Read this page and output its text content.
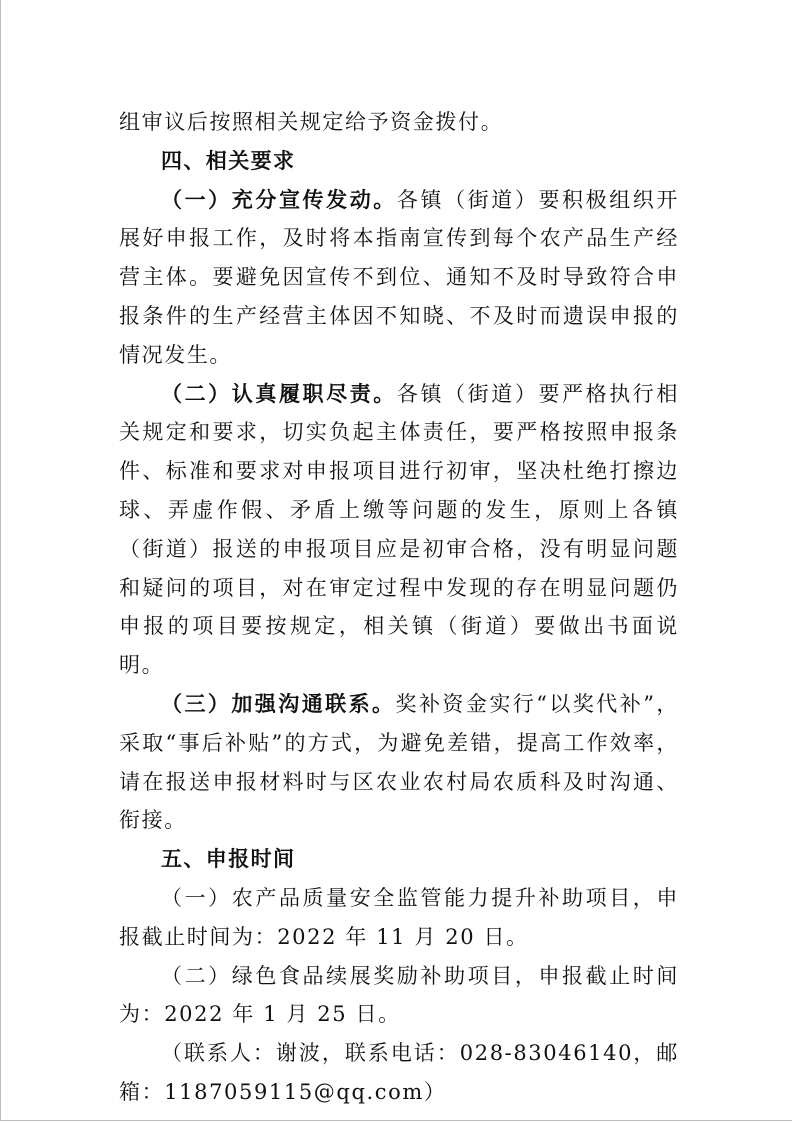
组审议后按照相关规定给予资金拨付。

四、相关要求

（一）充分宣传发动。各镇（街道）要积极组织开展好申报工作，及时将本指南宣传到每个农产品生产经营主体。要避免因宣传不到位、通知不及时导致符合申报条件的生产经营主体因不知晓、不及时而遗误申报的情况发生。

（二）认真履职尽责。各镇（街道）要严格执行相关规定和要求，切实负起主体责任，要严格按照申报条件、标准和要求对申报项目进行初审，坚决杜绝打擦边球、弄虚作假、矛盾上缴等问题的发生，原则上各镇（街道）报送的申报项目应是初审合格，没有明显问题和疑问的项目，对在审定过程中发现的存在明显问题仍申报的项目要按规定，相关镇（街道）要做出书面说明。

（三）加强沟通联系。奖补资金实行“以奖代补”，采取“事后补贴”的方式，为避免差错，提高工作效率，请在报送申报材料时与区农业农村局农质科及时沟通、衔接。

五、申报时间

（一）农产品质量安全监管能力提升补助项目，申报截止时间为：2022 年 11 月 20 日。

（二）绿色食品续展奖励补助项目，申报截止时间为：2022 年 1 月 25 日。

（联系人：谢波，联系电话：028-83046140，邮箱：1187059115@qq.com）
